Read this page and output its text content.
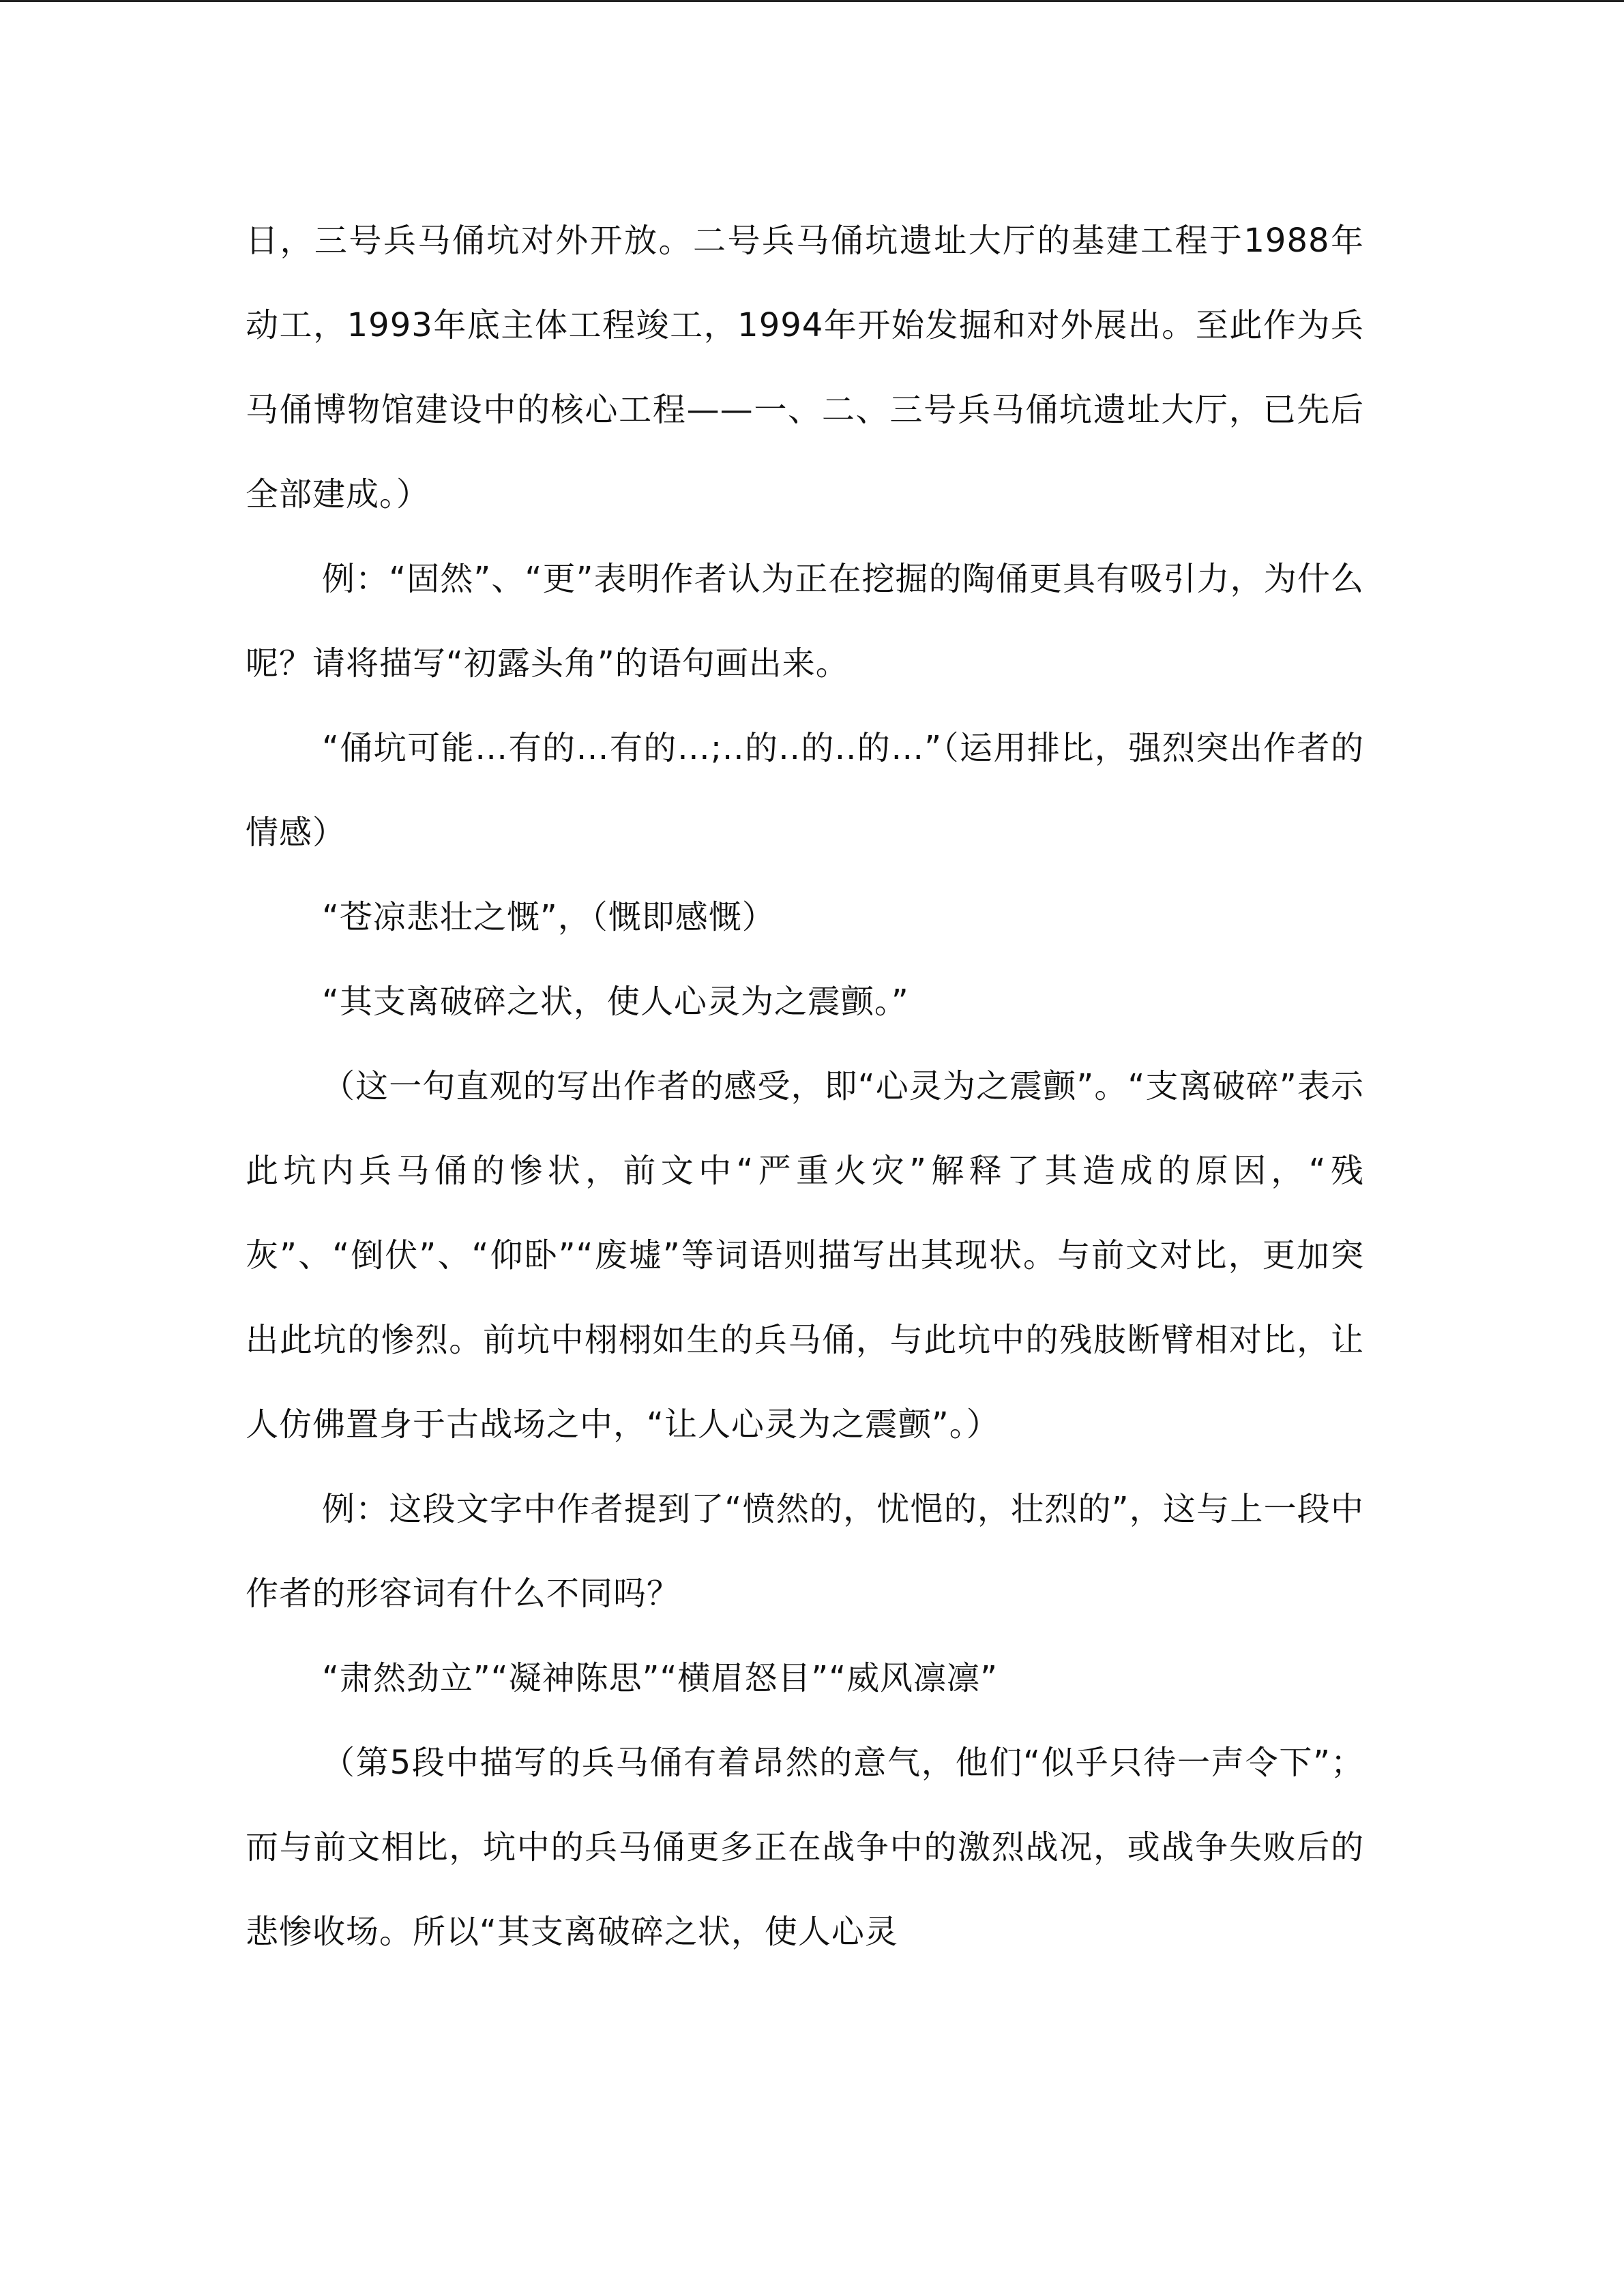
日，三号兵马俑坑对外开放。二号兵马俑坑遗址大厅的基建工程于1988年动工，1993年底主体工程竣工，1994年开始发掘和对外展出。至此作为兵马俑博物馆建设中的核心工程——一、二、三号兵马俑坑遗址大厅，已先后全部建成。）

例：“固然”、“更”表明作者认为正在挖掘的陶俑更具有吸引力，为什么呢？请将描写“初露头角”的语句画出来。

“俑坑可能…有的…有的…;..的..的..的…”（运用排比，强烈突出作者的情感）

“苍凉悲壮之慨”，（慨即感慨）

“其支离破碎之状，使人心灵为之震颤。”

（这一句直观的写出作者的感受，即“心灵为之震颤”。“支离破碎”表示此坑内兵马俑的惨状，前文中“严重火灾”解释了其造成的原因，“残灰”、“倒伏”、“仰卧”“废墟”等词语则描写出其现状。与前文对比，更加突出此坑的惨烈。前坑中栩栩如生的兵马俑，与此坑中的残肢断臂相对比，让人仿佛置身于古战场之中，“让人心灵为之震颤”。）

例：这段文字中作者提到了“愤然的，忧悒的，壮烈的”，这与上一段中作者的形容词有什么不同吗？

“肃然劲立”“凝神陈思”“横眉怒目”“威风凛凛”

（第5段中描写的兵马俑有着昂然的意气，他们“似乎只待一声令下”；而与前文相比，坑中的兵马俑更多正在战争中的激烈战况，或战争失败后的悲惨收场。所以“其支离破碎之状，使人心灵
